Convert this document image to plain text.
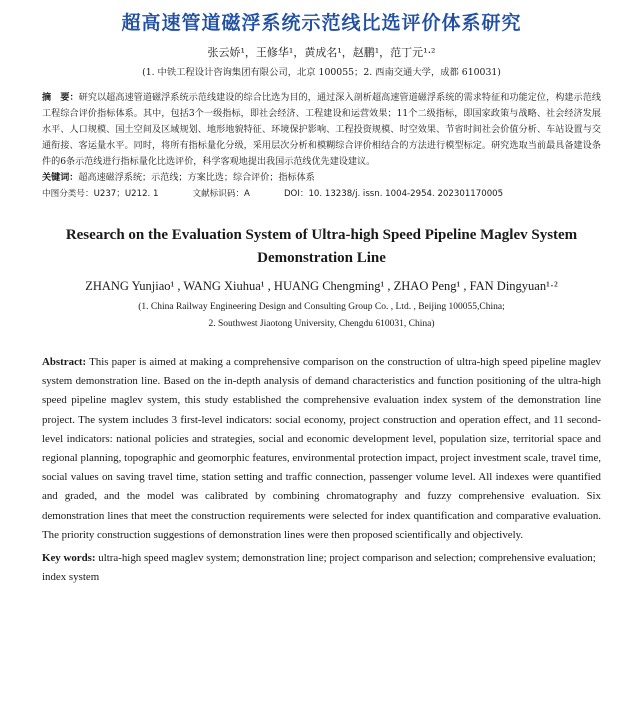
超高速管道磁浮系统示范线比选评价体系研究

张云娇¹，王修华¹，黄成名¹，赵鹏¹，范丁元¹·²

(1. 中铁工程设计咨询集团有限公司，北京 100055；2. 西南交通大学，成都 610031)

摘　要：研究以超高速管道磁浮系统示范线建设的综合比选为目的，通过深入剖析超高速管道磁浮系统的需求特征和功能定位，构建示范线工程综合评价指标体系。其中，包括3个一级指标，即社会经济、工程建设和运营效果；11个二级指标，即国家政策与战略、社会经济发展水平、人口规模、国土空间及区域规划、地形地貌特征、环境保护影响、工程投资规模、时空效果、节省时间社会价值分析、车站设置与交通衔接、客运量水平。同时，将所有指标量化分级，采用层次分析和模糊综合评价相结合的方法进行模型标定。研究选取当前最具备建设条件的6条示范线进行指标量化比选评价，科学客观地提出我国示范线优先建设建议。

关键词：超高速磁浮系统；示范线；方案比选；综合评价；指标体系

中图分类号：U237；U212. 1	文献标识码：A	DOI：10. 13238/j. issn. 1004-2954. 202301170005

Research on the Evaluation System of Ultra-high Speed Pipeline Maglev System Demonstration Line

ZHANG Yunjiao¹ , WANG Xiuhua¹ , HUANG Chengming¹ , ZHAO Peng¹ , FAN Dingyuan¹·²

(1. China Railway Engineering Design and Consulting Group Co. , Ltd. , Beijing 100055,China;
2. Southwest Jiaotong University, Chengdu 610031, China)

Abstract: This paper is aimed at making a comprehensive comparison on the construction of ultra-high speed pipeline maglev system demonstration line. Based on the in-depth analysis of demand characteristics and function positioning of the ultra-high speed pipeline maglev system, this study established the comprehensive evaluation index system of the demonstration line project. The system includes 3 first-level indicators: social economy, project construction and operation effect, and 11 second-level indicators: national policies and strategies, social and economic development level, population size, territorial space and regional planning, topographic and geomorphic features, environmental protection impact, project investment scale, travel time, social values on saving travel time, station setting and traffic connection, passenger volume level. All indexes were quantified and graded, and the model was calibrated by combining chromatography and fuzzy comprehensive evaluation. Six demonstration lines that meet the construction requirements were selected for index quantification and comparative evaluation. The priority construction suggestions of demonstration lines were then proposed scientifically and objectively.

Key words: ultra-high speed maglev system; demonstration line; project comparison and selection; comprehensive evaluation; index system
